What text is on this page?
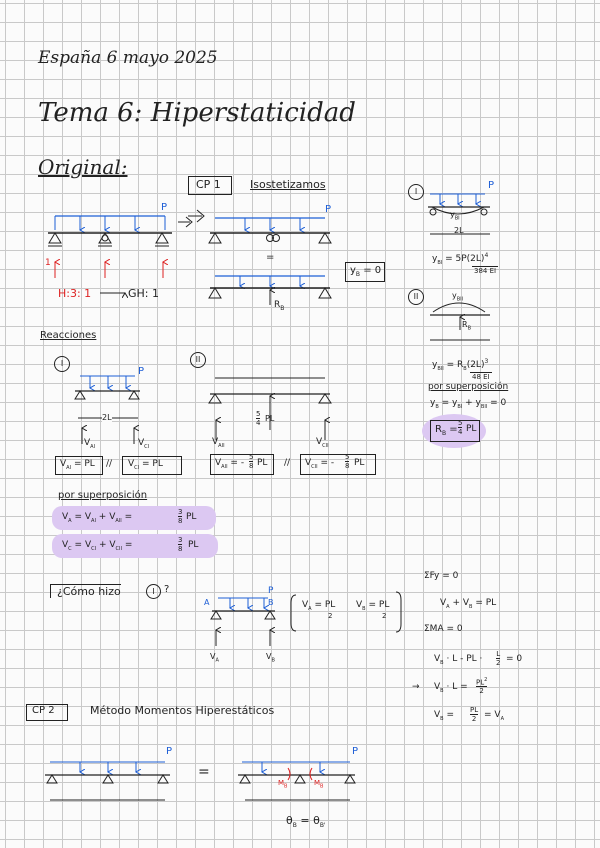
España 6 mayo 2025
Tema 6: Hiperstaticidad
Original:
P
1
H:3: 1	GH: 1
CP 1	Isostetizamos
P
=
$R_B$
$y_B = 0$
I
P
$y_{BI}$
2L
$y_{BI} = 5P(2L)^4$
384 EI
II	$y_{BII}$
$R_B$
$y_{BII} = R_B(2L)^3$
48 EI
por superposición
$y_B = y_{BI} + y_{BII} = 0$
$R_B$ =
5
4 PL
Reacciones
I
P
2L
$V_{AI}$	$V_{CI}$
$V_{AI}$ = PL // $V_{CI}$ = PL
II
5
4 PL
$V_{AII}$	$V_{CII}$
$V_{AII}$ = -
5
8 PL // $V_{CII}$ = -
5
8 PL
por superposición
$V_A = V_{AI} + V_{AII}$ =	3
8 PL
$V_C = V_{CI} + V_{CII}$ =	3
8 PL
¿Cómo hizo	I ?
A	B
P
$V_A$	$V_B$
$V_A$ = PL
2
$V_B$ = PL
2
ΣFy = 0
$V_A + V_B$ = PL
ΣMA = 0
$V_B \cdot L$ - PL · L
2 = 0
→ $V_B \cdot L = PL^2$
2
$V_B$ = PL
$2 = V_A$
CP 2	Método Momentos Hiperestáticos
P
=
P
$M_B$	$M_B$
$\theta_B = \theta_{B'}$
